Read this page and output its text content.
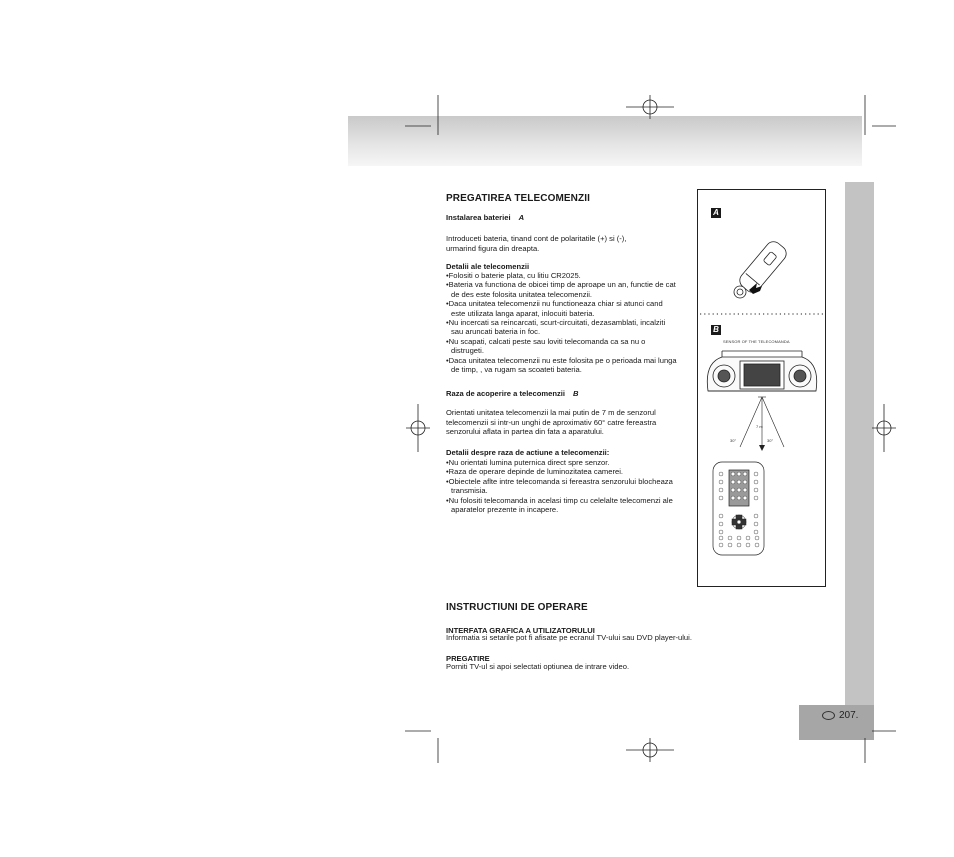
207.
PREGATIREA TELECOMENZII
Instalarea bateriei A
Introduceti bateria, tinand cont de polaritatile (+) si (-),
urmarind figura din dreapta.
Detalii ale telecomenzii
• Folositi o baterie plata, cu litiu CR2025.
• Bateria va functiona de obicei timp de aproape un an, functie de cat de des este folosita unitatea telecomenzii.
• Daca unitatea telecomenzii nu functioneaza chiar si atunci cand este utilizata langa aparat, inlocuiti bateria.
• Nu incercati sa reincarcati, scurt-circuitati, dezasamblati, incalziti sau aruncati bateria in foc.
• Nu scapati, calcati peste sau loviti telecomanda ca sa nu o distrugeti.
• Daca unitatea telecomenzii nu este folosita pe o perioada mai lunga de timp, , va rugam sa scoateti bateria.
Raza de acoperire a telecomenzii B
Orientati unitatea telecomenzii la mai putin de 7 m de senzorul
telecomenzii si intr-un unghi de aproximativ 60° catre fereastra
senzorului aflata in partea din fata a aparatului.
Detalii despre raza de actiune a telecomenzii:
• Nu orientati lumina puternica direct spre senzor.
• Raza de operare depinde de luminozitatea camerei.
• Obiectele aflte intre telecomanda si fereastra senzorului blocheaza transmisia.
• Nu folositi telecomanda in acelasi timp cu celelalte telecomenzi ale aparatelor prezente in incapere.
INSTRUCTIUNI DE OPERARE
INTERFATA GRAFICA A UTILIZATORULUI
Informatia si setarile pot fi afisate pe ecranul TV-ului sau DVD player-ului.
PREGATIRE
Porniti TV-ul si apoi selectati optiunea de intrare video.
A
B
SENSOR OF THE TELECOMANDA
7 m
30°	30°
